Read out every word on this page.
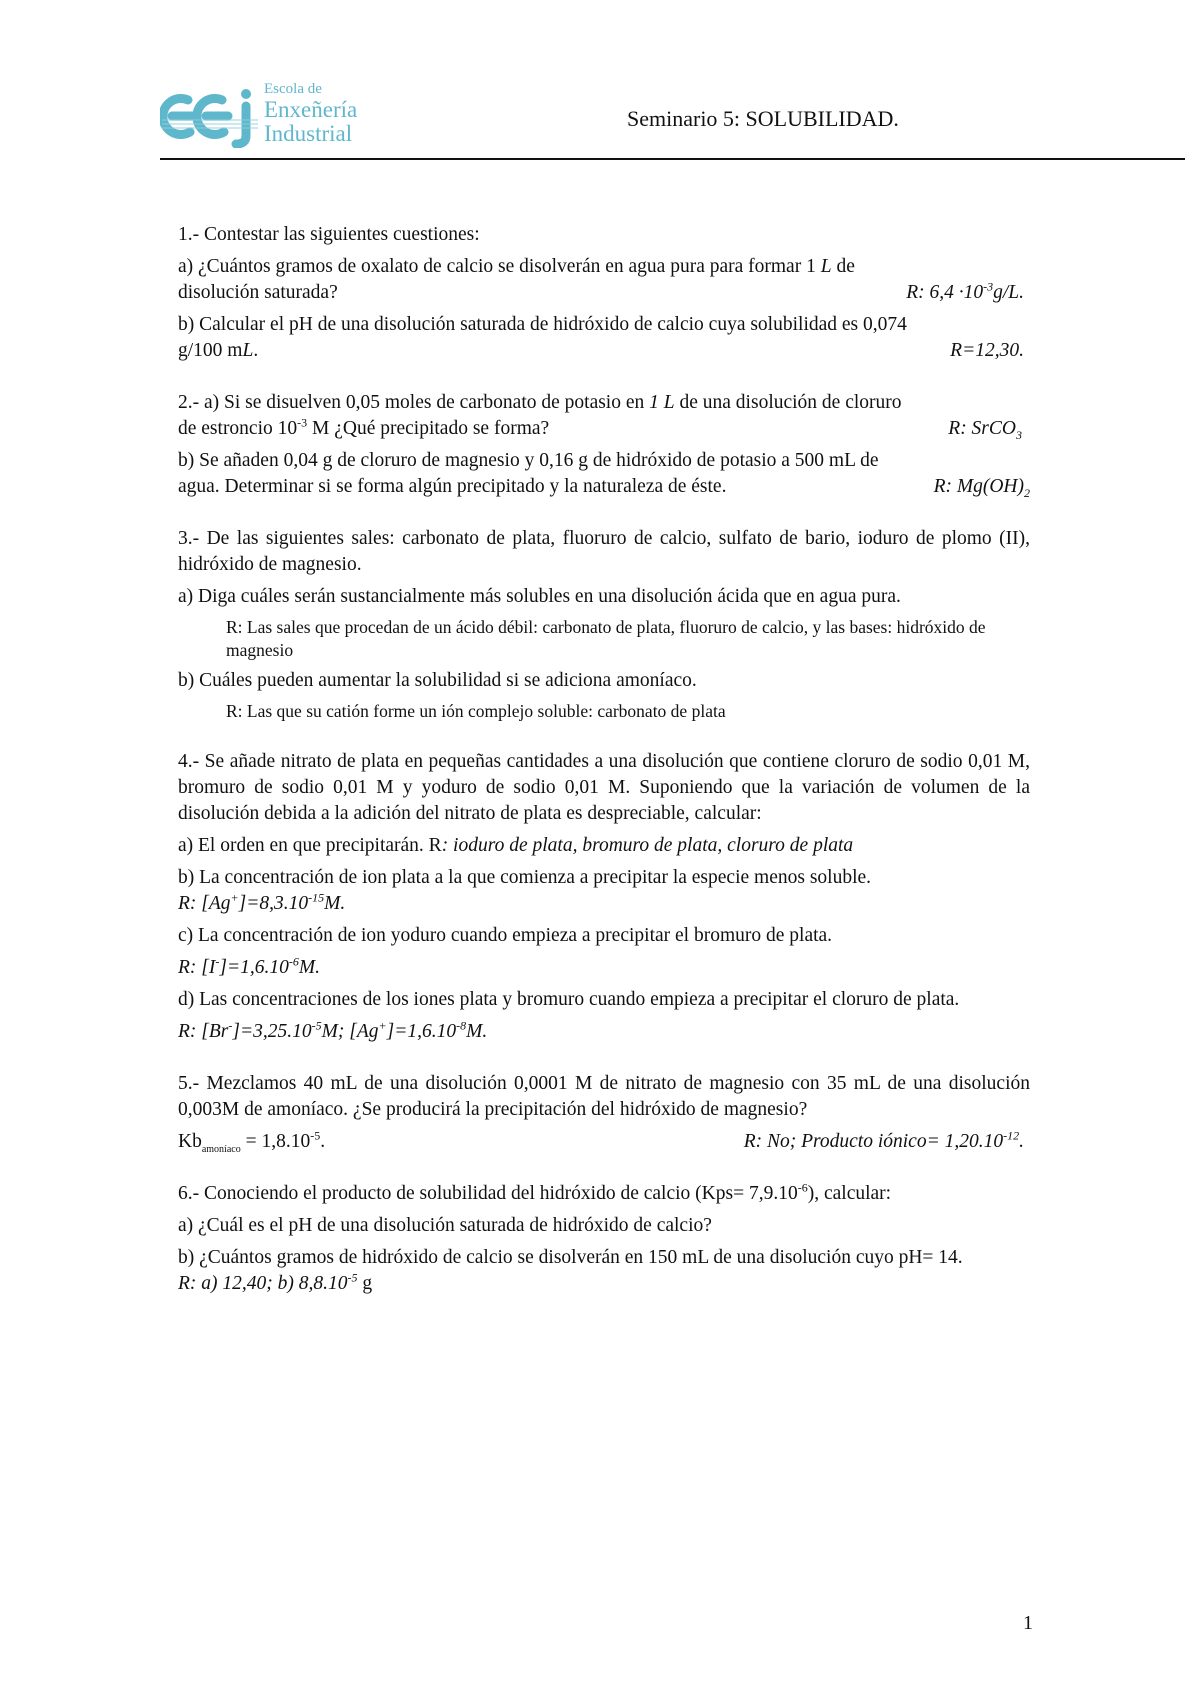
Escola de
Enxeñería
Industrial
Seminario 5: SOLUBILIDAD.

1.- Contestar las siguientes cuestiones:

a) ¿Cuántos gramos de oxalato de calcio se disolverán en agua pura para formar 1 L de

disolución saturada?	R: $6,4 \cdot 10^{-3}g/L$.

b) Calcular el pH de una disolución saturada de hidróxido de calcio cuya solubilidad es 0,074

g/100 mL.	R=12,30.

2.- a) Si se disuelven 0,05 moles de carbonato de potasio en 1 L de una disolución de cloruro

de estroncio $10^{-3}$ M ¿Qué precipitado se forma?	R: SrCO$_3$

b) Se añaden 0,04 g de cloruro de magnesio y 0,16 g de hidróxido de potasio a 500 mL de

agua. Determinar si se forma algún precipitado y la naturaleza de éste.	R: $Mg(OH)_2$

3.- De las siguientes sales: carbonato de plata, fluoruro de calcio, sulfato de bario, ioduro de plomo (II), hidróxido de magnesio.

a) Diga cuáles serán sustancialmente más solubles en una disolución ácida que en agua pura.

R: Las sales que procedan de un ácido débil: carbonato de plata, fluoruro de calcio, y las bases: hidróxido de magnesio

b) Cuáles pueden aumentar la solubilidad si se adiciona amoníaco.

R: Las que su catión forme un ión complejo soluble: carbonato de plata

4.- Se añade nitrato de plata en pequeñas cantidades a una disolución que contiene cloruro de sodio 0,01 M, bromuro de sodio 0,01 M y yoduro de sodio 0,01 M. Suponiendo que la variación de volumen de la disolución debida a la adición del nitrato de plata es despreciable, calcular:

a) El orden en que precipitarán. R: ioduro de plata, bromuro de plata, cloruro de plata

b) La concentración de ion plata a la que comienza a precipitar la especie menos soluble.

R: $[Ag^+]=8,3.10^{-15}M$.

c) La concentración de ion yoduro cuando empieza a precipitar el bromuro de plata.

R: $[I^-]=1,6.10^{-6}M$.

d) Las concentraciones de los iones plata y bromuro cuando empieza a precipitar el cloruro de plata.

R: $[Br^-]=3,25.10^{-5}M$; $[Ag^+]=1,6.10^{-8}M$.

5.- Mezclamos 40 mL de una disolución 0,0001 M de nitrato de magnesio con 35 mL de una disolución 0,003M de amoníaco. ¿Se producirá la precipitación del hidróxido de magnesio?

$Kb_{amoníaco} = 1,8.10^{-5}$.	R: No; Producto iónico= $1,20.10^{-12}$.

6.- Conociendo el producto de solubilidad del hidróxido de calcio $(Kps= 7,9.10^{-6})$, calcular:

a) ¿Cuál es el pH de una disolución saturada de hidróxido de calcio?

b) ¿Cuántos gramos de hidróxido de calcio se disolverán en 150 mL de una disolución cuyo pH= 14.

R: a) 12,40; b) $8,8.10^{-5}$ g

1
